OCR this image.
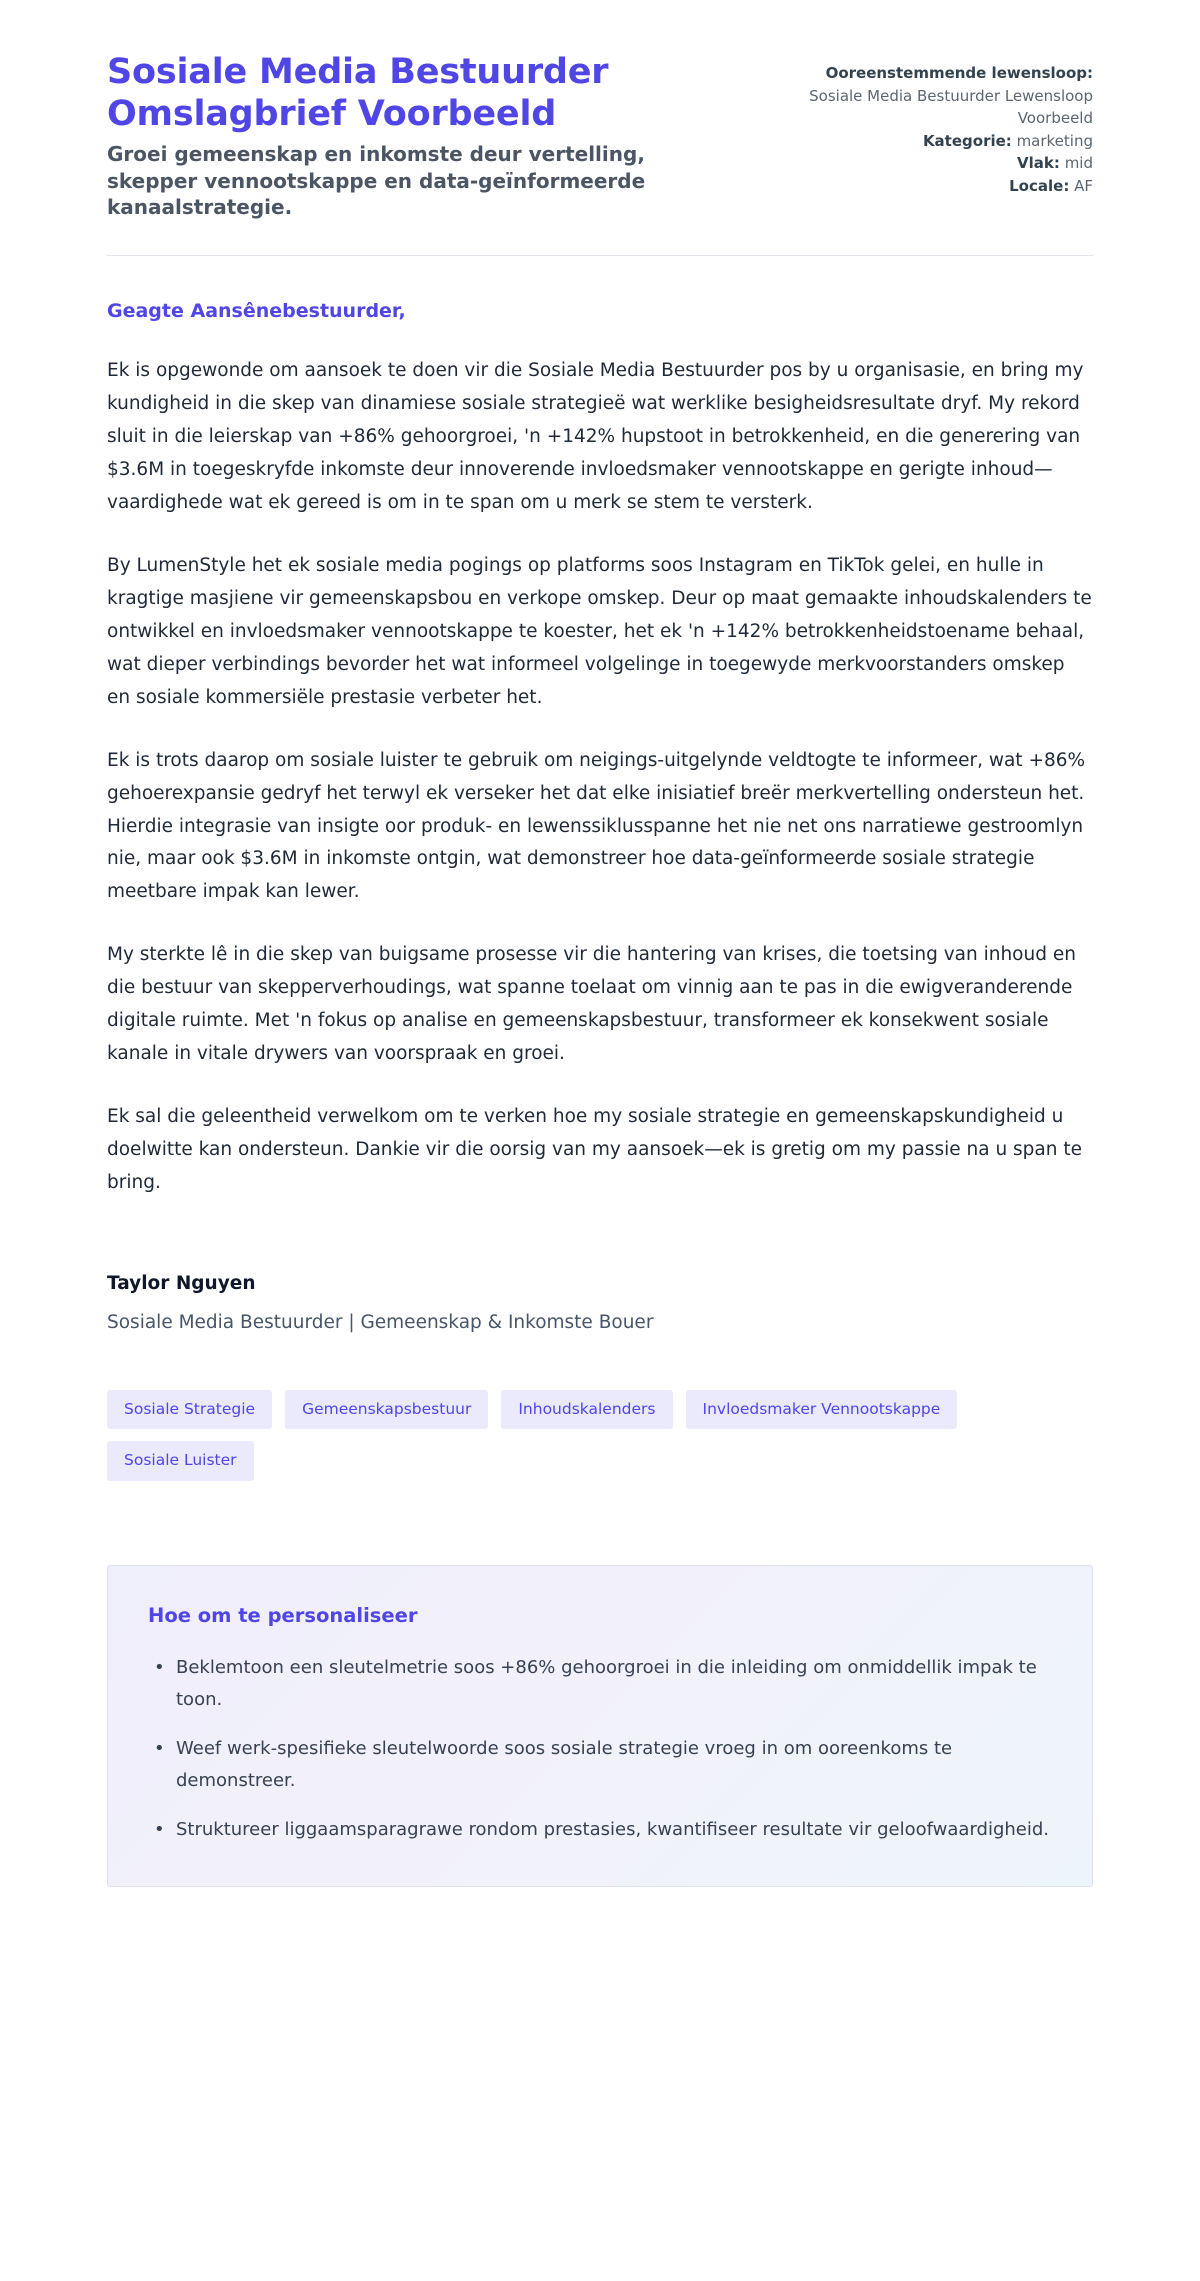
Sosiale Media Bestuurder Omslagbrief Voorbeeld

Groei gemeenskap en inkomste deur vertelling, skepper vennootskappe en data-geïnformeerde kanaalstrategie.

Ooreenstemmende lewensloop: Sosiale Media Bestuurder Lewensloop Voorbeeld

Kategorie: marketing

Vlak: mid

Locale: AF

Geagte Aansênebestuurder,

Ek is opgewonde om aansoek te doen vir die Sosiale Media Bestuurder pos by u organisasie, en bring my kundigheid in die skep van dinamiese sosiale strategieë wat werklike besigheidsresultate dryf. My rekord sluit in die leierskap van +86% gehoorgroei, 'n +142% hupstoot in betrokkenheid, en die generering van $3.6M in toegeskryfde inkomste deur innoverende invloedsmaker vennootskappe en gerigte inhoud—vaardighede wat ek gereed is om in te span om u merk se stem te versterk.

By LumenStyle het ek sosiale media pogings op platforms soos Instagram en TikTok gelei, en hulle in kragtige masjiene vir gemeenskapsbou en verkope omskep. Deur op maat gemaakte inhoudskalenders te ontwikkel en invloedsmaker vennootskappe te koester, het ek 'n +142% betrokkenheidstoename behaal, wat dieper verbindings bevorder het wat informeel volgelinge in toegewyde merkvoorstanders omskep en sosiale kommersiële prestasie verbeter het.

Ek is trots daarop om sosiale luister te gebruik om neigings-uitgelynde veldtogte te informeer, wat +86% gehoerexpansie gedryf het terwyl ek verseker het dat elke inisiatief breër merkvertelling ondersteun het. Hierdie integrasie van insigte oor produk- en lewenssiklusspanne het nie net ons narratiewe gestroomlyn nie, maar ook $3.6M in inkomste ontgin, wat demonstreer hoe data-geïnformeerde sosiale strategie meetbare impak kan lewer.

My sterkte lê in die skep van buigsame prosesse vir die hantering van krises, die toetsing van inhoud en die bestuur van skepperverhoudings, wat spanne toelaat om vinnig aan te pas in die ewigveranderende digitale ruimte. Met 'n fokus op analise en gemeenskapsbestuur, transformeer ek konsekwent sosiale kanale in vitale drywers van voorspraak en groei.

Ek sal die geleentheid verwelkom om te verken hoe my sosiale strategie en gemeenskapskundigheid u doelwitte kan ondersteun. Dankie vir die oorsig van my aansoek—ek is gretig om my passie na u span te bring.

Taylor Nguyen

Sosiale Media Bestuurder | Gemeenskap & Inkomste Bouer

Sosiale Strategie	Gemeenskapsbestuur	Inhoudskalenders	Invloedsmaker Vennootskappe
Sosiale Luister

Hoe om te personaliseer

• Beklemtoon een sleutelmetrie soos +86% gehoorgroei in die inleiding om onmiddellik impak te toon.
• Weef werk-spesifieke sleutelwoorde soos sosiale strategie vroeg in om ooreenkoms te demonstreer.
• Struktureer liggaamsparagrawe rondom prestasies, kwantifiseer resultate vir geloofwaardigheid.
